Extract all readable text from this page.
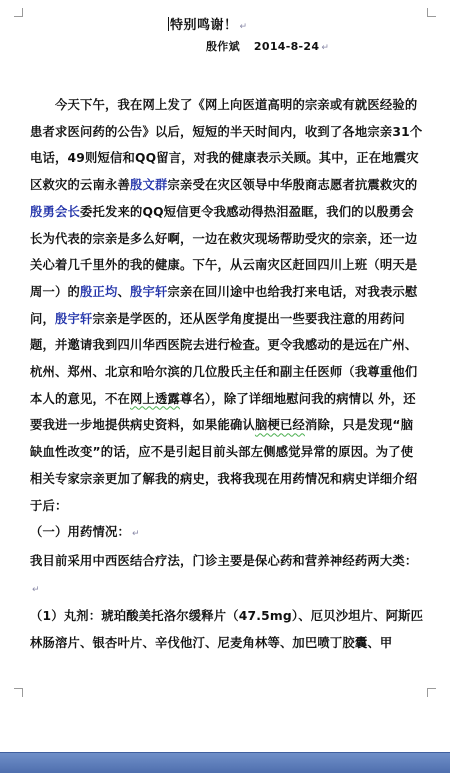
特别鸣谢！ ↵
殷作斌 2014-8-24 ↵

今天下午，我在网上发了《网上向医道高明的宗亲或有就医经验的患者求医问药的公告》以后，短短的半天时间内，收到了各地宗亲31个电话，49则短信和QQ留言，对我的健康表示关顾。其中，正在地震灾区救灾的云南永善殷文群宗亲受在灾区领导中华殷商志愿者抗震救灾的殷勇会长委托发来的QQ短信更令我感动得热泪盈眶，我们的以殷勇会长为代表的宗亲是多么好啊，一边在救灾现场帮助受灾的宗亲，还一边关心着几千里外的我的健康。下午，从云南灾区赶回四川上班（明天是周一）的殷正均、殷宇轩宗亲在回川途中也给我打来电话，对我表示慰问，殷宇轩宗亲是学医的，还从医学角度提出一些要我注意的用药问题，并邀请我到四川华西医院去进行检查。更令我感动的是远在广州、杭州、郑州、北京和哈尔滨的几位殷氏主任和副主任医师（我尊重他们本人的意见，不在网上透露尊名），除了详细地慰问我的病情以 外，还要我进一步地提供病史资料，如果能确认脑梗已经消除，只是发现“脑缺血性改变”的话，应不是引起目前头部左侧感觉异常的原因。为了使相关专家宗亲更加了解我的病史，我将我现在用药情况和病史详细介绍于后：

（一）用药情况： ↵

我目前采用中西医结合疗法，门诊主要是保心药和营养神经药两大类：↵

（1）丸剂：琥珀酸美托洛尔缓释片（47.5mg）、厄贝沙坦片、阿斯匹林肠溶片、银杏叶片、辛伐他汀、尼麦角林等、加巴喷丁胶囊、甲
